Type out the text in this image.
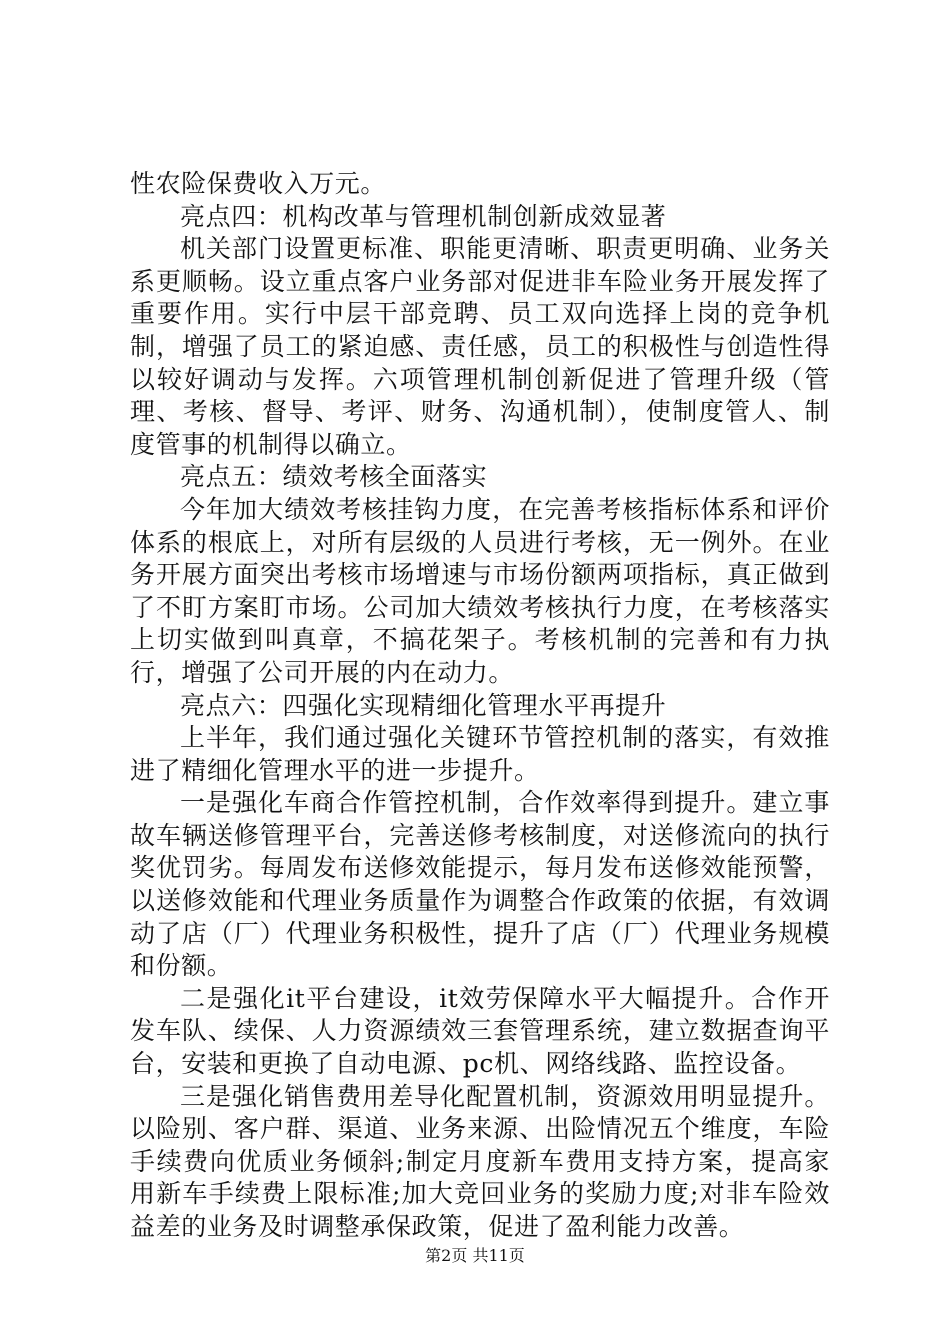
性农险保费收入万元。

亮点四：机构改革与管理机制创新成效显著

机关部门设置更标准、职能更清晰、职责更明确、业务关系更顺畅。设立重点客户业务部对促进非车险业务开展发挥了重要作用。实行中层干部竞聘、员工双向选择上岗的竞争机制，增强了员工的紧迫感、责任感，员工的积极性与创造性得以较好调动与发挥。六项管理机制创新促进了管理升级（管理、考核、督导、考评、财务、沟通机制），使制度管人、制度管事的机制得以确立。

亮点五：绩效考核全面落实

今年加大绩效考核挂钩力度，在完善考核指标体系和评价体系的根底上，对所有层级的人员进行考核，无一例外。在业务开展方面突出考核市场增速与市场份额两项指标，真正做到了不盯方案盯市场。公司加大绩效考核执行力度，在考核落实上切实做到叫真章，不搞花架子。考核机制的完善和有力执行，增强了公司开展的内在动力。

亮点六：四强化实现精细化管理水平再提升

上半年，我们通过强化关键环节管控机制的落实，有效推进了精细化管理水平的进一步提升。

一是强化车商合作管控机制，合作效率得到提升。建立事故车辆送修管理平台，完善送修考核制度，对送修流向的执行奖优罚劣。每周发布送修效能提示，每月发布送修效能预警，以送修效能和代理业务质量作为调整合作政策的依据，有效调动了店（厂）代理业务积极性，提升了店（厂）代理业务规模和份额。

二是强化it平台建设，it效劳保障水平大幅提升。合作开发车队、续保、人力资源绩效三套管理系统，建立数据查询平台，安装和更换了自动电源、pc机、网络线路、监控设备。

三是强化销售费用差导化配置机制，资源效用明显提升。以险别、客户群、渠道、业务来源、出险情况五个维度，车险手续费向优质业务倾斜;制定月度新车费用支持方案，提高家用新车手续费上限标准;加大竞回业务的奖励力度;对非车险效益差的业务及时调整承保政策，促进了盈利能力改善。

第2页 共11页
